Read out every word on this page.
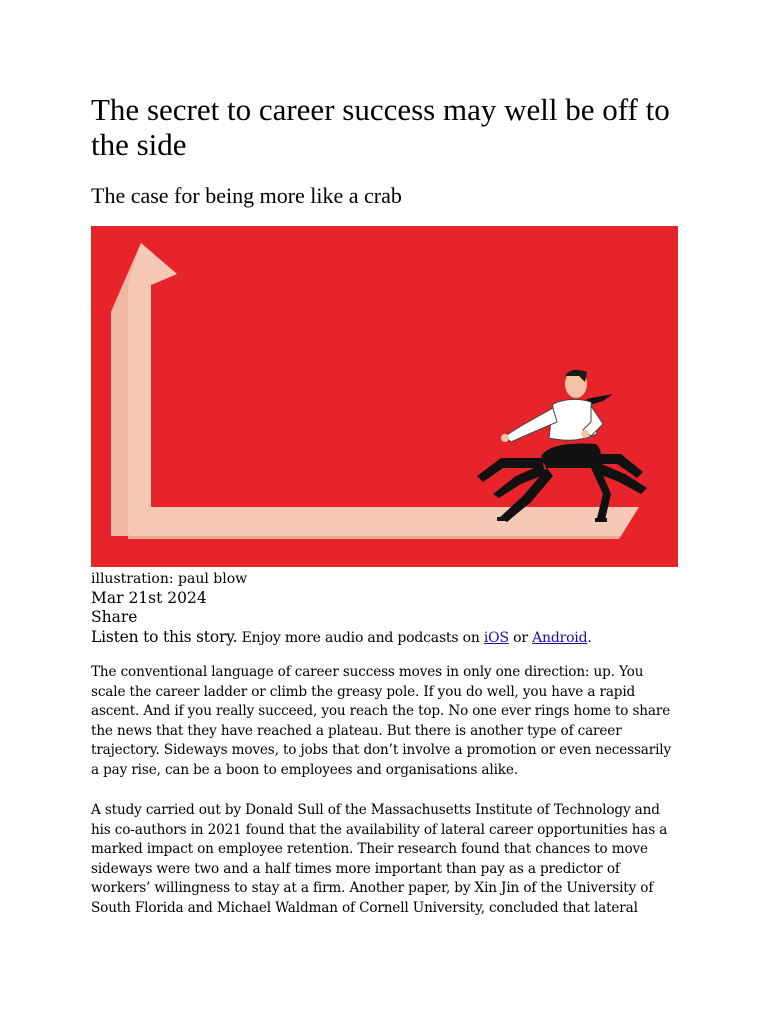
The secret to career success may well be off to the side
The case for being more like a crab
illustration: paul blow
Mar 21st 2024
Share
Listen to this story. Enjoy more audio and podcasts on iOS or Android.

The conventional language of career success moves in only one direction: up. You scale the career ladder or climb the greasy pole. If you do well, you have a rapid ascent. And if you really succeed, you reach the top. No one ever rings home to share the news that they have reached a plateau. But there is another type of career trajectory. Sideways moves, to jobs that don’t involve a promotion or even necessarily a pay rise, can be a boon to employees and organisations alike.

A study carried out by Donald Sull of the Massachusetts Institute of Technology and his co-authors in 2021 found that the availability of lateral career opportunities has a marked impact on employee retention. Their research found that chances to move sideways were two and a half times more important than pay as a predictor of workers’ willingness to stay at a firm. Another paper, by Xin Jin of the University of South Florida and Michael Waldman of Cornell University, concluded that lateral
